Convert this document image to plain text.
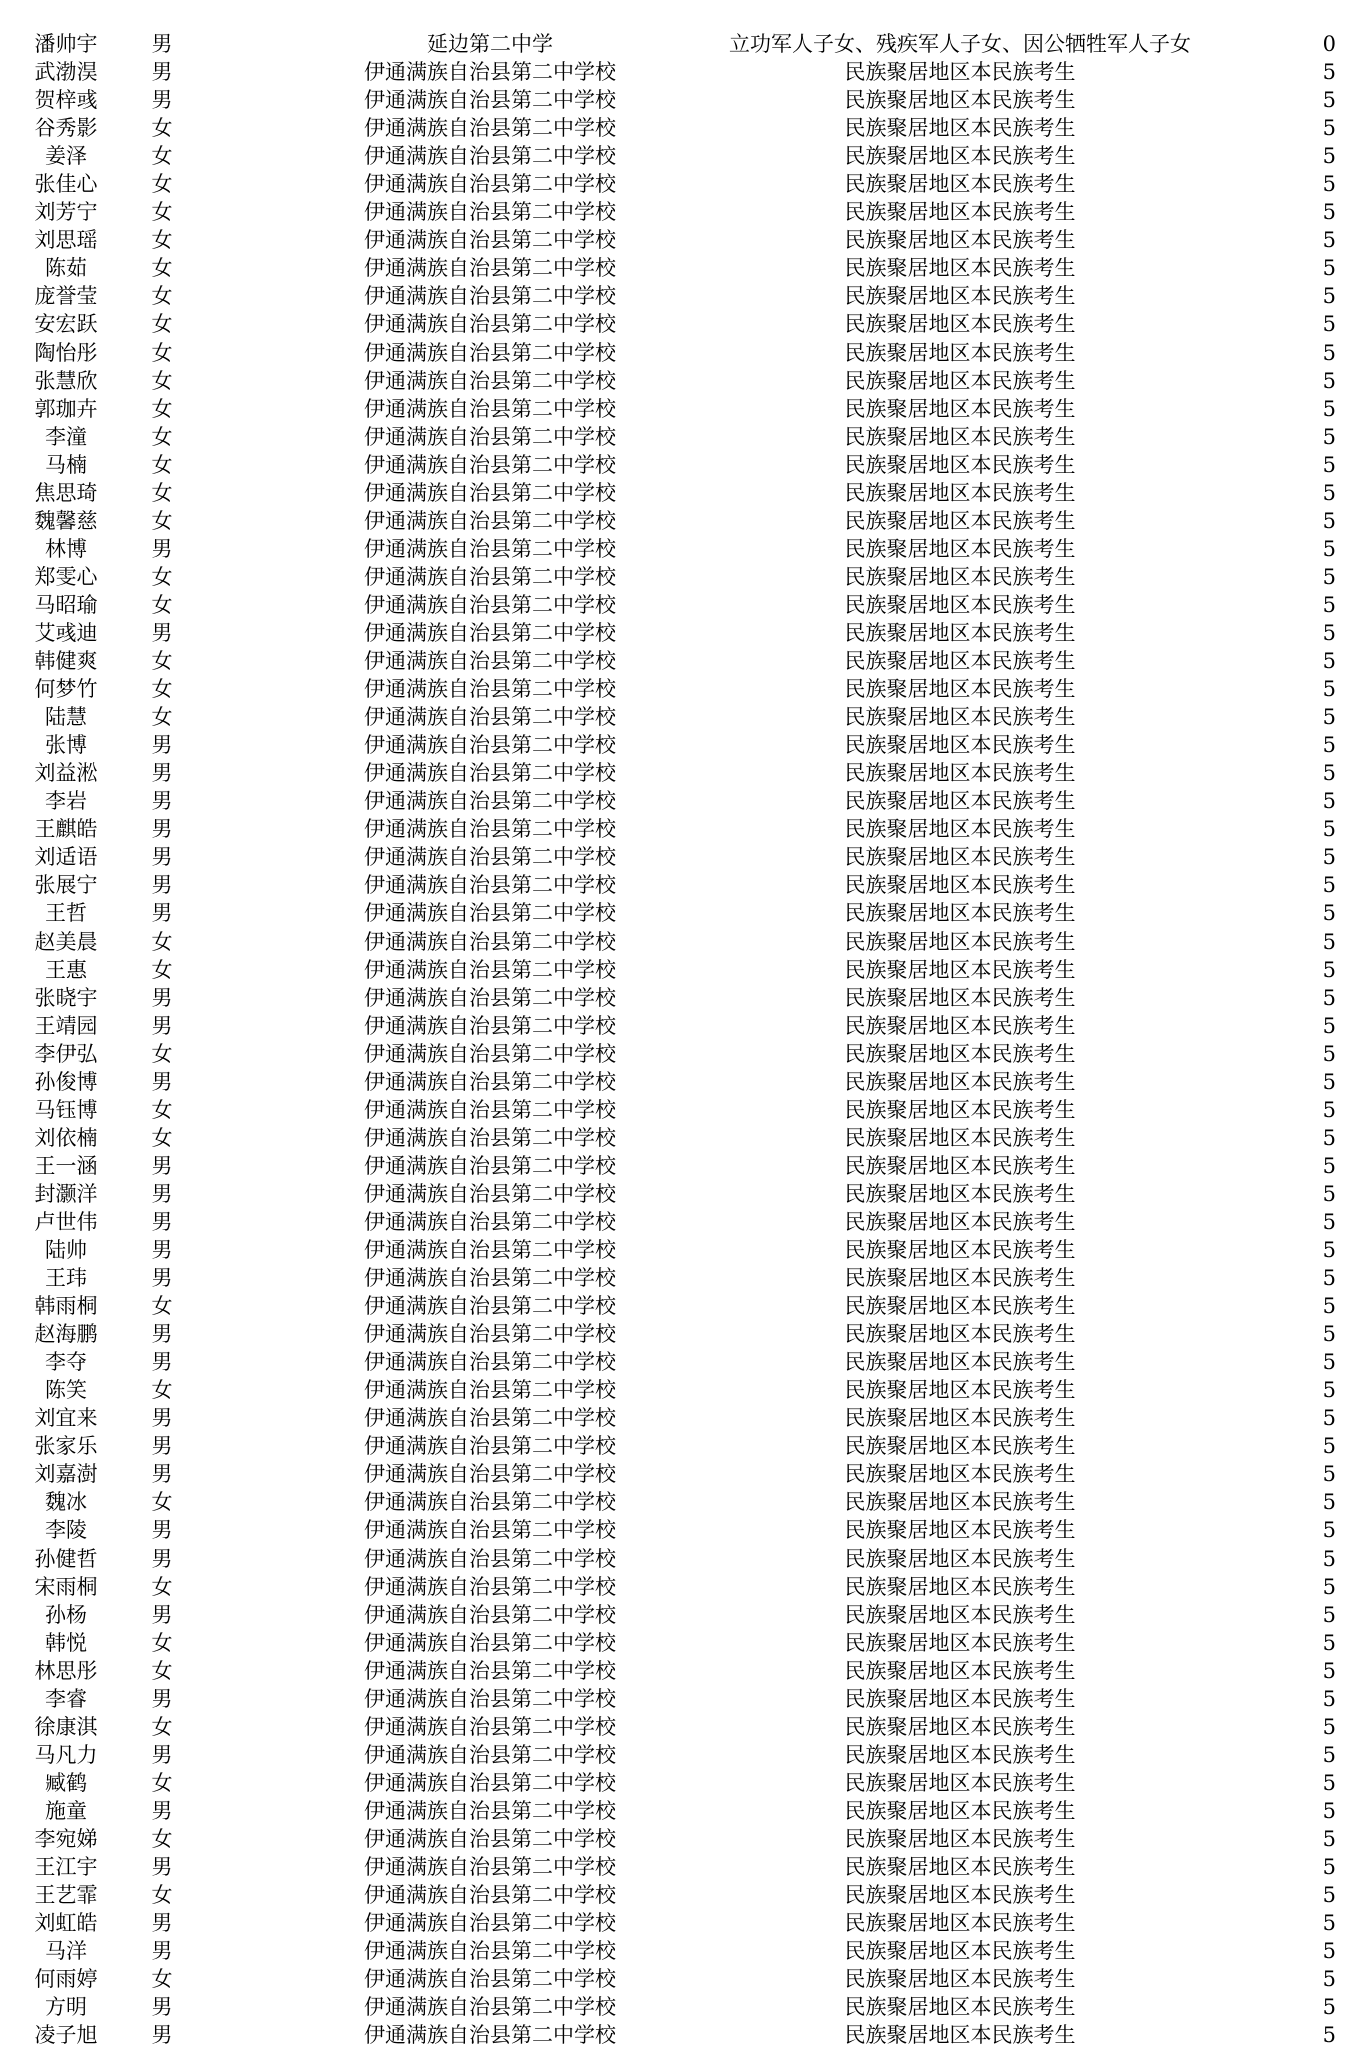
潘帅宇	男	延边第二中学	立功军人子女、残疾军人子女、因公牺牲军人子女	0
武渤淏	男	伊通满族自治县第二中学校	民族聚居地区本民族考生	5
贺梓彧	男	伊通满族自治县第二中学校	民族聚居地区本民族考生	5
谷秀影	女	伊通满族自治县第二中学校	民族聚居地区本民族考生	5
姜泽	女	伊通满族自治县第二中学校	民族聚居地区本民族考生	5
张佳心	女	伊通满族自治县第二中学校	民族聚居地区本民族考生	5
刘芳宁	女	伊通满族自治县第二中学校	民族聚居地区本民族考生	5
刘思瑶	女	伊通满族自治县第二中学校	民族聚居地区本民族考生	5
陈茹	女	伊通满族自治县第二中学校	民族聚居地区本民族考生	5
庞誉莹	女	伊通满族自治县第二中学校	民族聚居地区本民族考生	5
安宏跃	女	伊通满族自治县第二中学校	民族聚居地区本民族考生	5
陶怡彤	女	伊通满族自治县第二中学校	民族聚居地区本民族考生	5
张慧欣	女	伊通满族自治县第二中学校	民族聚居地区本民族考生	5
郭珈卉	女	伊通满族自治县第二中学校	民族聚居地区本民族考生	5
李潼	女	伊通满族自治县第二中学校	民族聚居地区本民族考生	5
马楠	女	伊通满族自治县第二中学校	民族聚居地区本民族考生	5
焦思琦	女	伊通满族自治县第二中学校	民族聚居地区本民族考生	5
魏馨慈	女	伊通满族自治县第二中学校	民族聚居地区本民族考生	5
林博	男	伊通满族自治县第二中学校	民族聚居地区本民族考生	5
郑雯心	女	伊通满族自治县第二中学校	民族聚居地区本民族考生	5
马昭瑜	女	伊通满族自治县第二中学校	民族聚居地区本民族考生	5
艾彧迪	男	伊通满族自治县第二中学校	民族聚居地区本民族考生	5
韩健爽	女	伊通满族自治县第二中学校	民族聚居地区本民族考生	5
何梦竹	女	伊通满族自治县第二中学校	民族聚居地区本民族考生	5
陆慧	女	伊通满族自治县第二中学校	民族聚居地区本民族考生	5
张博	男	伊通满族自治县第二中学校	民族聚居地区本民族考生	5
刘益淞	男	伊通满族自治县第二中学校	民族聚居地区本民族考生	5
李岩	男	伊通满族自治县第二中学校	民族聚居地区本民族考生	5
王麒皓	男	伊通满族自治县第二中学校	民族聚居地区本民族考生	5
刘适语	男	伊通满族自治县第二中学校	民族聚居地区本民族考生	5
张展宁	男	伊通满族自治县第二中学校	民族聚居地区本民族考生	5
王哲	男	伊通满族自治县第二中学校	民族聚居地区本民族考生	5
赵美晨	女	伊通满族自治县第二中学校	民族聚居地区本民族考生	5
王惠	女	伊通满族自治县第二中学校	民族聚居地区本民族考生	5
张晓宇	男	伊通满族自治县第二中学校	民族聚居地区本民族考生	5
王靖园	男	伊通满族自治县第二中学校	民族聚居地区本民族考生	5
李伊弘	女	伊通满族自治县第二中学校	民族聚居地区本民族考生	5
孙俊博	男	伊通满族自治县第二中学校	民族聚居地区本民族考生	5
马钰博	女	伊通满族自治县第二中学校	民族聚居地区本民族考生	5
刘依楠	女	伊通满族自治县第二中学校	民族聚居地区本民族考生	5
王一涵	男	伊通满族自治县第二中学校	民族聚居地区本民族考生	5
封灏洋	男	伊通满族自治县第二中学校	民族聚居地区本民族考生	5
卢世伟	男	伊通满族自治县第二中学校	民族聚居地区本民族考生	5
陆帅	男	伊通满族自治县第二中学校	民族聚居地区本民族考生	5
王玮	男	伊通满族自治县第二中学校	民族聚居地区本民族考生	5
韩雨桐	女	伊通满族自治县第二中学校	民族聚居地区本民族考生	5
赵海鹏	男	伊通满族自治县第二中学校	民族聚居地区本民族考生	5
李夺	男	伊通满族自治县第二中学校	民族聚居地区本民族考生	5
陈笑	女	伊通满族自治县第二中学校	民族聚居地区本民族考生	5
刘宜来	男	伊通满族自治县第二中学校	民族聚居地区本民族考生	5
张家乐	男	伊通满族自治县第二中学校	民族聚居地区本民族考生	5
刘嘉澍	男	伊通满族自治县第二中学校	民族聚居地区本民族考生	5
魏冰	女	伊通满族自治县第二中学校	民族聚居地区本民族考生	5
李陵	男	伊通满族自治县第二中学校	民族聚居地区本民族考生	5
孙健哲	男	伊通满族自治县第二中学校	民族聚居地区本民族考生	5
宋雨桐	女	伊通满族自治县第二中学校	民族聚居地区本民族考生	5
孙杨	男	伊通满族自治县第二中学校	民族聚居地区本民族考生	5
韩悦	女	伊通满族自治县第二中学校	民族聚居地区本民族考生	5
林思彤	女	伊通满族自治县第二中学校	民族聚居地区本民族考生	5
李睿	男	伊通满族自治县第二中学校	民族聚居地区本民族考生	5
徐康淇	女	伊通满族自治县第二中学校	民族聚居地区本民族考生	5
马凡力	男	伊通满族自治县第二中学校	民族聚居地区本民族考生	5
臧鹤	女	伊通满族自治县第二中学校	民族聚居地区本民族考生	5
施童	男	伊通满族自治县第二中学校	民族聚居地区本民族考生	5
李宛娣	女	伊通满族自治县第二中学校	民族聚居地区本民族考生	5
王江宇	男	伊通满族自治县第二中学校	民族聚居地区本民族考生	5
王艺霏	女	伊通满族自治县第二中学校	民族聚居地区本民族考生	5
刘虹皓	男	伊通满族自治县第二中学校	民族聚居地区本民族考生	5
马洋	男	伊通满族自治县第二中学校	民族聚居地区本民族考生	5
何雨婷	女	伊通满族自治县第二中学校	民族聚居地区本民族考生	5
方明	男	伊通满族自治县第二中学校	民族聚居地区本民族考生	5
凌子旭	男	伊通满族自治县第二中学校	民族聚居地区本民族考生	5
